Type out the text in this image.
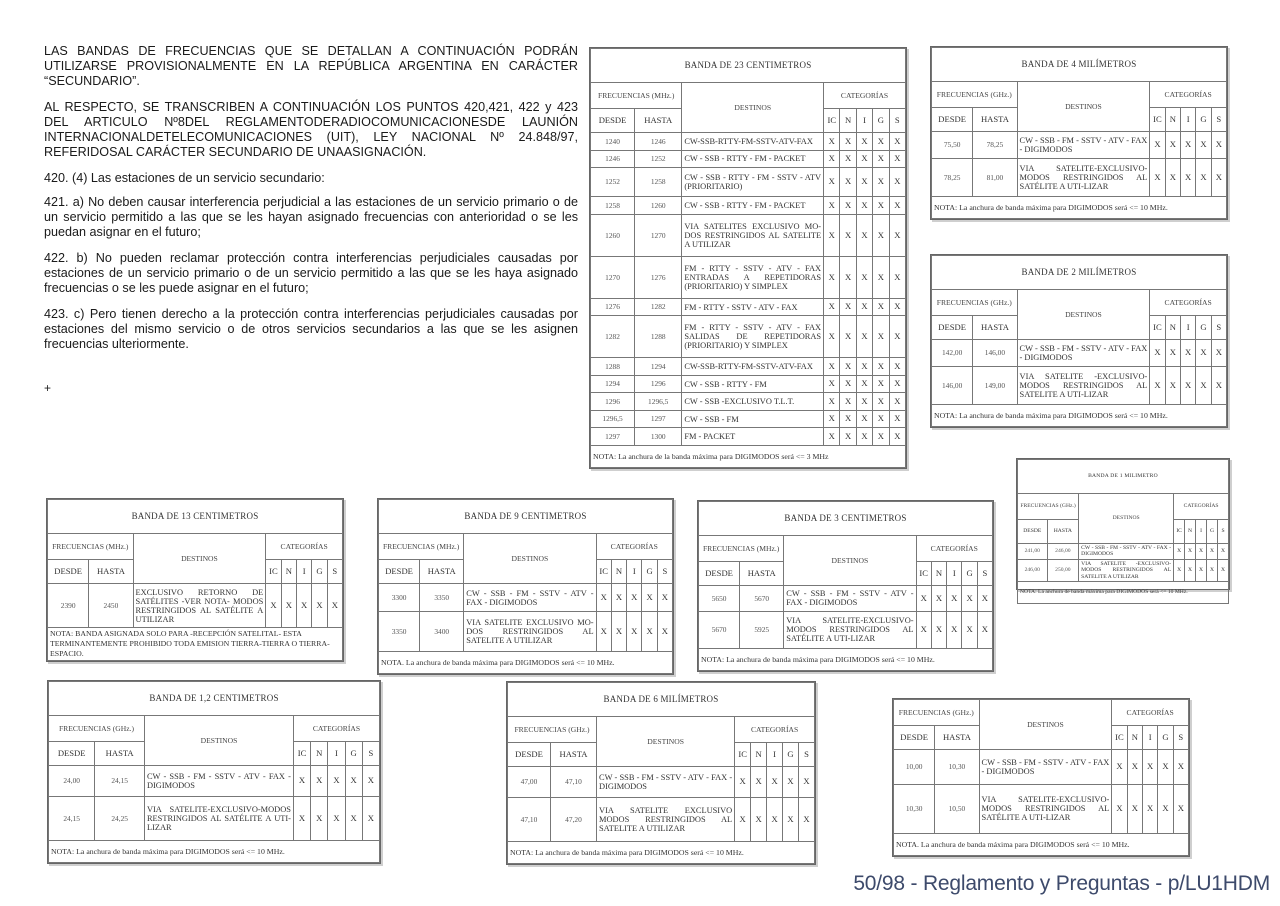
LAS BANDAS DE FRECUENCIAS QUE SE DETALLAN A CONTINUACIÓN PODRÁN UTILIZARSE PROVISIONALMENTE EN LA REPÚBLICA ARGENTINA EN CARÁCTER “SECUNDARIO”.

AL RESPECTO, SE TRANSCRIBEN A CONTINUACIÓN LOS PUNTOS 420,421, 422 y 423 DEL ARTICULO Nº8DEL REGLAMENTODERADIOCOMUNICACIONESDE LAUNIÓN INTERNACIONALDETELECOMUNICACIONES (UIT), LEY NACIONAL Nº 24.848/97, REFERIDOSAL CARÁCTER SECUNDARIO DE UNAASIGNACIÓN.

420. (4) Las estaciones de un servicio secundario:

421. a) No deben causar interferencia perjudicial a las estaciones de un servicio primario o de un servicio permitido a las que se les hayan asignado frecuencias con anterioridad o se les puedan asignar en el futuro;

422. b) No pueden reclamar protección contra interferencias perjudiciales causadas por estaciones de un servicio primario o de un servicio permitido a las que se les haya asignado frecuencias o se les puede asignar en el futuro;

423. c) Pero tienen derecho a la protección contra interferencias perjudiciales causadas por estaciones del mismo servicio o de otros servicios secundarios a las que se les asignen frecuencias ulteriormente.

+
BANDA DE 23 CENTIMETROS							
FRECUENCIAS (MHz.)		DESTINOS	CATEGORÍAS				
DESDE	HASTA		IC	N	I	G	S
1240	1246	CW-SSB-RTTY-FM-SSTV-ATV-FAX	X	X	X	X	X
1246	1252	CW - SSB - RTTY - FM - PACKET	X	X	X	X	X
1252	1258	CW - SSB - RTTY - FM - SSTV - ATV (PRIORITARIO)	X	X	X	X	X
1258	1260	CW - SSB - RTTY - FM - PACKET	X	X	X	X	X
1260	1270	VIA SATELITES EXCLUSIVO MO-DOS RESTRINGIDOS AL SATELITE A UTILIZAR	X	X	X	X	X
1270	1276	FM - RTTY - SSTV - ATV - FAX ENTRADAS A REPETIDORAS (PRIORITARIO) Y SIMPLEX	X	X	X	X	X
1276	1282	FM - RTTY - SSTV - ATV - FAX	X	X	X	X	X
1282	1288	FM - RTTY - SSTV - ATV - FAX SALIDAS DE REPETIDORAS (PRIORITARIO) Y SIMPLEX	X	X	X	X	X
1288	1294	CW-SSB-RTTY-FM-SSTV-ATV-FAX	X	X	X	X	X
1294	1296	CW - SSB - RTTY - FM	X	X	X	X	X
1296	1296,5	CW - SSB -EXCLUSIVO T.L.T.	X	X	X	X	X
1296,5	1297	CW - SSB - FM	X	X	X	X	X
1297	1300	FM - PACKET	X	X	X	X	X
NOTA: La anchura de la banda máxima para DIGIMODOS será <= 3 MHz							
BANDA DE 4 MILÍMETROS							
FRECUENCIAS (GHz.)		DESTINOS	CATEGORÍAS				
DESDE	HASTA		IC	N	I	G	S
75,50	78,25	CW - SSB - FM - SSTV - ATV - FAX - DIGIMODOS	X	X	X	X	X
78,25	81,00	VIA SATELITE-EXCLUSIVO-MODOS RESTRINGIDOS AL SATÉLITE A UTI-LIZAR	X	X	X	X	X
NOTA: La anchura de banda máxima para DIGIMODOS será <= 10 MHz.							
BANDA DE 2 MILÍMETROS							
FRECUENCIAS (GHz.)		DESTINOS	CATEGORÍAS				
DESDE	HASTA		IC	N	I	G	S
142,00	146,00	CW - SSB - FM - SSTV - ATV - FAX - DIGIMODOS	X	X	X	X	X
146,00	149,00	VIA SATELITE -EXCLUSIVO-MODOS RESTRINGIDOS AL SATELITE A UTI-LIZAR	X	X	X	X	X
NOTA: La anchura de banda máxima para DIGIMODOS será <= 10 MHz.							
BANDA DE 1 MILIMETRO							
FRECUENCIAS (GHz.)		DESTINOS	CATEGORÍAS				
DESDE	HASTA		IC	N	I	G	S
241,00	246,00	CW - SSB - FM - SSTV - ATV - FAX - DIGIMODOS	X	X	X	X	X
246,00	250,00	VIA SATELITE -EXCLUSIVO-MODOS RESTRINGIDOS AL SATELITE A UTILIZAR	X	X	X	X	X
NOTA: La anchura de banda máxima para DIGIMODOS será <= 10 MHz.							
BANDA DE 13 CENTIMETROS							
FRECUENCIAS (MHz.)		DESTINOS	CATEGORÍAS				
DESDE	HASTA		IC	N	I	G	S
2390	2450	EXCLUSIVO RETORNO DE SATÉLITES -VER NOTA- MODOS RESTRINGIDOS AL SATÉLITE A UTILIZAR	X	X	X	X	X
NOTA: BANDA ASIGNADA SOLO PARA -RECEPCIÓN SATELITAL- ESTA TERMINANTEMENTE PROHIBIDO TODA EMISION TIERRA-TIERRA O TIERRA-ESPACIO.							
BANDA DE 9 CENTIMETROS							
FRECUENCIAS (MHz.)		DESTINOS	CATEGORÍAS				
DESDE	HASTA		IC	N	I	G	S
3300	3350	CW - SSB - FM - SSTV - ATV - FAX - DIGIMODOS	X	X	X	X	X
3350	3400	VIA SATELITE EXCLUSIVO MO-DOS RESTRINGIDOS AL SATELITE A UTILIZAR	X	X	X	X	X
NOTA. La anchura de banda máxima para DIGIMODOS será <= 10 MHz.							
BANDA DE 3 CENTIMETROS							
FRECUENCIAS (MHz.)		DESTINOS	CATEGORÍAS				
DESDE	HASTA		IC	N	I	G	S
5650	5670	CW - SSB - FM - SSTV - ATV - FAX - DIGIMODOS	X	X	X	X	X
5670	5925	VIA SATELITE-EXCLUSIVO-MODOS RESTRINGIDOS AL SATÉLITE A UTI-LIZAR	X	X	X	X	X
NOTA: La anchura de banda máxima para DIGIMODOS será <= 10 MHz.							
BANDA DE 1,2 CENTIMETROS							
FRECUENCIAS (GHz.)		DESTINOS	CATEGORÍAS				
DESDE	HASTA		IC	N	I	G	S
24,00	24,15	CW - SSB - FM - SSTV - ATV - FAX - DIGIMODOS	X	X	X	X	X
24,15	24,25	VIA SATELITE-EXCLUSIVO-MODOS RESTRINGIDOS AL SATÉLITE A UTI-LIZAR	X	X	X	X	X
NOTA: La anchura de banda máxima para DIGIMODOS será <= 10 MHz.							
BANDA DE 6 MILÍMETROS							
FRECUENCIAS (GHz.)		DESTINOS	CATEGORÍAS				
DESDE	HASTA		IC	N	I	G	S
47,00	47,10	CW - SSB - FM - SSTV - ATV - FAX - DIGIMODOS	X	X	X	X	X
47,10	47,20	VIA SATELITE EXCLUSIVO MODOS RESTRINGIDOS AL SATELITE A UTILIZAR	X	X	X	X	X
NOTA: La anchura de banda máxima para DIGIMODOS será <= 10 MHz.							
FRECUENCIAS (GHz.)		DESTINOS	CATEGORÍAS				
DESDE	HASTA		IC	N	I	G	S
10,00	10,30	CW - SSB - FM - SSTV - ATV - FAX - DIGIMODOS	X	X	X	X	X
10,30	10,50	VIA SATELITE-EXCLUSIVO-MODOS RESTRINGIDOS AL SATÉLITE A UTI-LIZAR	X	X	X	X	X
NOTA. La anchura de banda máxima para DIGIMODOS será <= 10 MHz.							
50/98 - Reglamento y Preguntas - p/LU1HDM
